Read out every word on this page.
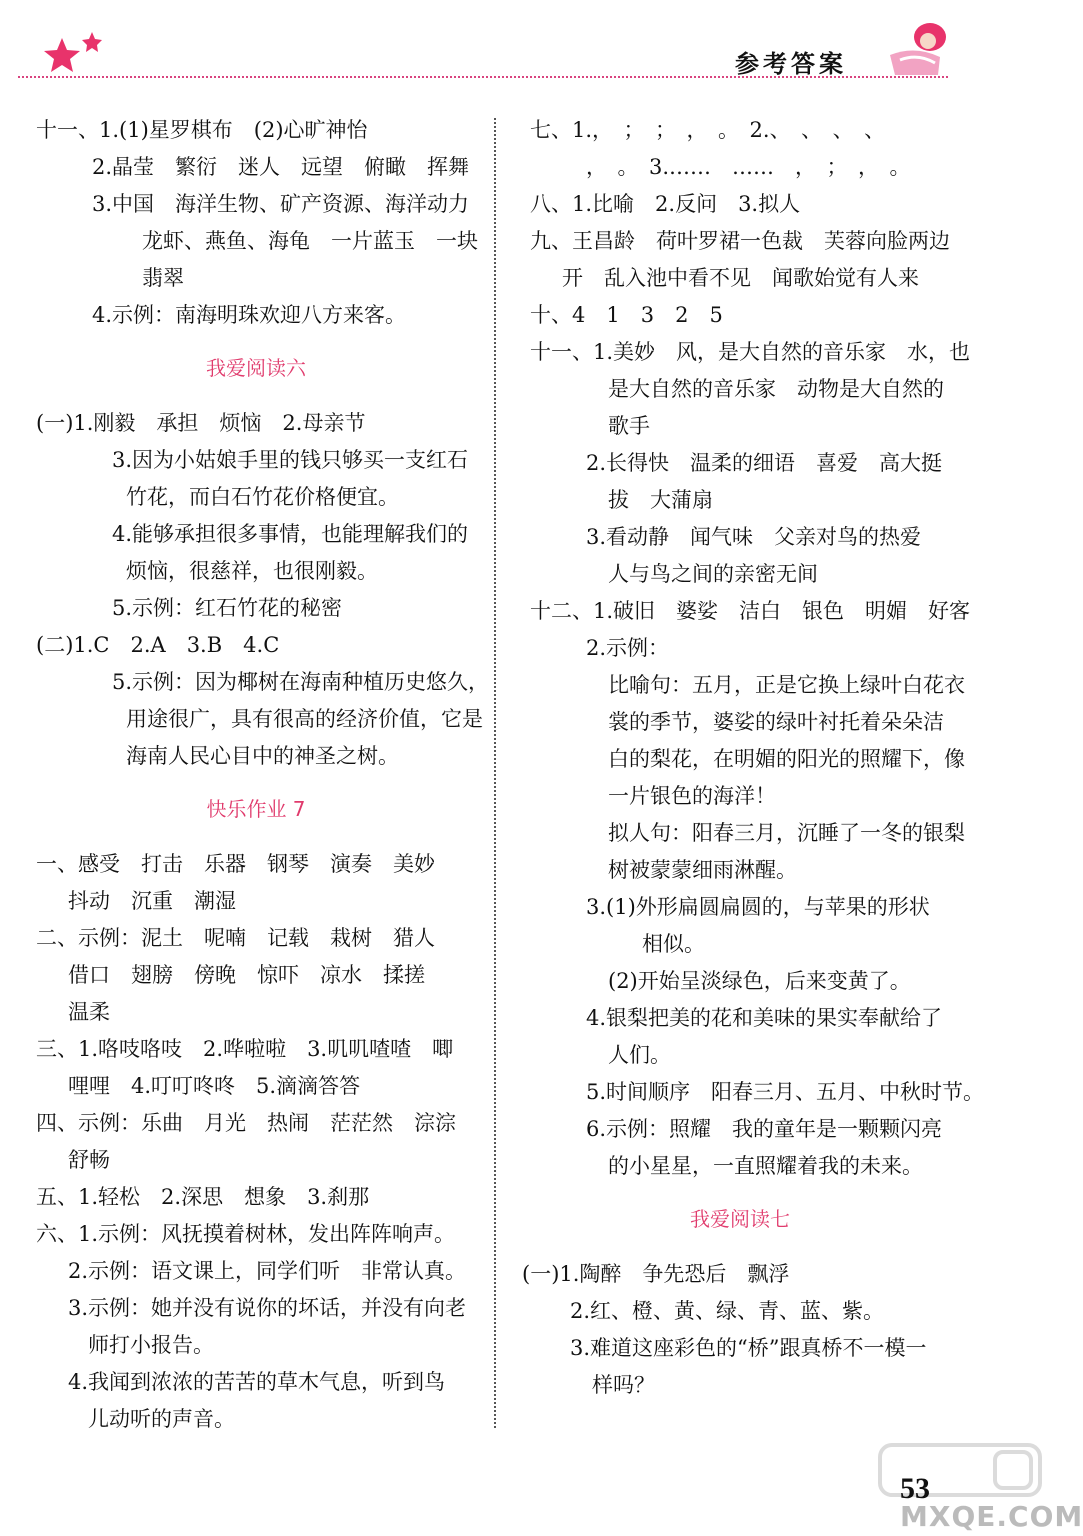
参考答案
十一、1.(1)星罗棋布　(2)心旷神怡
2.晶莹　繁衍　迷人　远望　俯瞰　挥舞
3.中国　海洋生物、矿产资源、海洋动力
龙虾、燕鱼、海龟　一片蓝玉　一块
翡翠
4.示例：南海明珠欢迎八方来客。
我爱阅读六
(一)1.刚毅　承担　烦恼　2.母亲节
3.因为小姑娘手里的钱只够买一支红石
竹花，而白石竹花价格便宜。
4.能够承担很多事情，也能理解我们的
烦恼，很慈祥，也很刚毅。
5.示例：红石竹花的秘密
(二)1.C　2.A　3.B　4.C
5.示例：因为椰树在海南种植历史悠久，
用途很广，具有很高的经济价值，它是
海南人民心目中的神圣之树。
快乐作业 7
一、感受　打击　乐器　钢琴　演奏　美妙
抖动　沉重　潮湿
二、示例：泥土　呢喃　记载　栽树　猎人
借口　翅膀　傍晚　惊吓　凉水　揉搓
温柔
三、1.咯吱咯吱　2.哗啦啦　3.叽叽喳喳　唧
哩哩　4.叮叮咚咚　5.滴滴答答
四、示例：乐曲　月光　热闹　茫茫然　淙淙
舒畅
五、1.轻松　2.深思　想象　3.刹那
六、1.示例：风抚摸着树林，发出阵阵响声。
2.示例：语文课上，同学们听　非常认真。
3.示例：她并没有说你的坏话，并没有向老
师打小报告。
4.我闻到浓浓的苦苦的草木气息，听到鸟
儿动听的声音。
七、1.，　；　；　，　。　2.、　、　、　、
，　。　3.……　……　，　；　，　。
八、1.比喻　2.反问　3.拟人
九、王昌龄　荷叶罗裙一色裁　芙蓉向脸两边
开　乱入池中看不见　闻歌始觉有人来
十、4　1　3　2　5
十一、1.美妙　风，是大自然的音乐家　水，也
是大自然的音乐家　动物是大自然的
歌手
2.长得快　温柔的细语　喜爱　高大挺
拔　大蒲扇
3.看动静　闻气味　父亲对鸟的热爱
人与鸟之间的亲密无间
十二、1.破旧　婆娑　洁白　银色　明媚　好客
2.示例：
比喻句：五月，正是它换上绿叶白花衣
裳的季节，婆娑的绿叶衬托着朵朵洁
白的梨花，在明媚的阳光的照耀下，像
一片银色的海洋！
拟人句：阳春三月，沉睡了一冬的银梨
树被蒙蒙细雨淋醒。
3.(1)外形扁圆扁圆的，与苹果的形状
相似。
(2)开始呈淡绿色，后来变黄了。
4.银梨把美的花和美味的果实奉献给了
人们。
5.时间顺序　阳春三月、五月、中秋时节。
6.示例：照耀　我的童年是一颗颗闪亮
的小星星，一直照耀着我的未来。
我爱阅读七
(一)1.陶醉　争先恐后　飘浮
2.红、橙、黄、绿、青、蓝、紫。
3.难道这座彩色的“桥”跟真桥不一模一
样吗？
53
MXQE.COM
